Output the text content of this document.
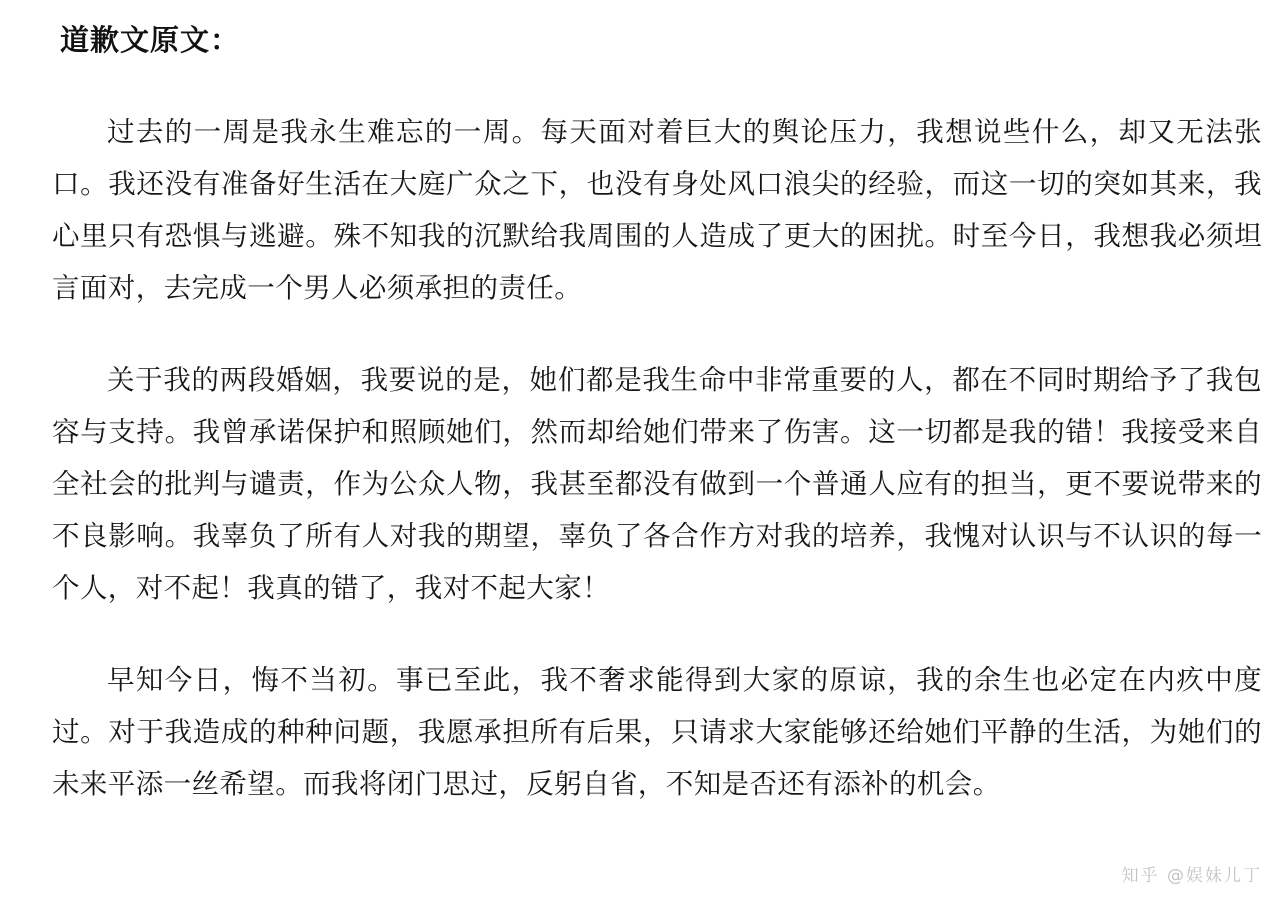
道歉文原文：

过去的一周是我永生难忘的一周。每天面对着巨大的舆论压力，我想说些什么，却又无法张口。我还没有准备好生活在大庭广众之下，也没有身处风口浪尖的经验，而这一切的突如其来，我心里只有恐惧与逃避。殊不知我的沉默给我周围的人造成了更大的困扰。时至今日，我想我必须坦言面对，去完成一个男人必须承担的责任。

关于我的两段婚姻，我要说的是，她们都是我生命中非常重要的人，都在不同时期给予了我包容与支持。我曾承诺保护和照顾她们，然而却给她们带来了伤害。这一切都是我的错！我接受来自全社会的批判与谴责，作为公众人物，我甚至都没有做到一个普通人应有的担当，更不要说带来的不良影响。我辜负了所有人对我的期望，辜负了各合作方对我的培养，我愧对认识与不认识的每一个人，对不起！我真的错了，我对不起大家！

早知今日，悔不当初。事已至此，我不奢求能得到大家的原谅，我的余生也必定在内疚中度过。对于我造成的种种问题，我愿承担所有后果，只请求大家能够还给她们平静的生活，为她们的未来平添一丝希望。而我将闭门思过，反躬自省，不知是否还有添补的机会。

知乎 @娱妹儿丁
